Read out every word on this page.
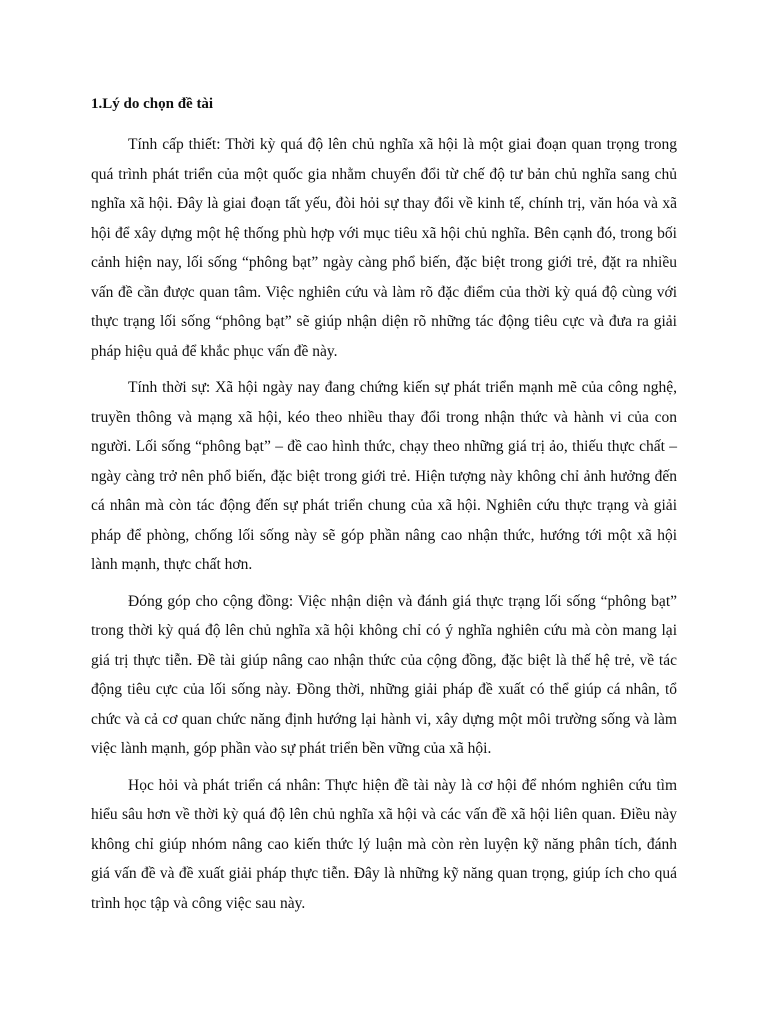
1.Lý do chọn đề tài

Tính cấp thiết: Thời kỳ quá độ lên chủ nghĩa xã hội là một giai đoạn quan trọng trong quá trình phát triển của một quốc gia nhằm chuyển đổi từ chế độ tư bản chủ nghĩa sang chủ nghĩa xã hội. Đây là giai đoạn tất yếu, đòi hỏi sự thay đổi về kinh tế, chính trị, văn hóa và xã hội để xây dựng một hệ thống phù hợp với mục tiêu xã hội chủ nghĩa. Bên cạnh đó, trong bối cảnh hiện nay, lối sống “phông bạt” ngày càng phổ biến, đặc biệt trong giới trẻ, đặt ra nhiều vấn đề cần được quan tâm. Việc nghiên cứu và làm rõ đặc điểm của thời kỳ quá độ cùng với thực trạng lối sống “phông bạt” sẽ giúp nhận diện rõ những tác động tiêu cực và đưa ra giải pháp hiệu quả để khắc phục vấn đề này.

Tính thời sự: Xã hội ngày nay đang chứng kiến sự phát triển mạnh mẽ của công nghệ, truyền thông và mạng xã hội, kéo theo nhiều thay đổi trong nhận thức và hành vi của con người. Lối sống “phông bạt” – đề cao hình thức, chạy theo những giá trị ảo, thiếu thực chất – ngày càng trở nên phổ biến, đặc biệt trong giới trẻ. Hiện tượng này không chỉ ảnh hưởng đến cá nhân mà còn tác động đến sự phát triển chung của xã hội. Nghiên cứu thực trạng và giải pháp để phòng, chống lối sống này sẽ góp phần nâng cao nhận thức, hướng tới một xã hội lành mạnh, thực chất hơn.

Đóng góp cho cộng đồng: Việc nhận diện và đánh giá thực trạng lối sống “phông bạt” trong thời kỳ quá độ lên chủ nghĩa xã hội không chỉ có ý nghĩa nghiên cứu mà còn mang lại giá trị thực tiễn. Đề tài giúp nâng cao nhận thức của cộng đồng, đặc biệt là thế hệ trẻ, về tác động tiêu cực của lối sống này. Đồng thời, những giải pháp đề xuất có thể giúp cá nhân, tổ chức và cả cơ quan chức năng định hướng lại hành vi, xây dựng một môi trường sống và làm việc lành mạnh, góp phần vào sự phát triển bền vững của xã hội.

Học hỏi và phát triển cá nhân: Thực hiện đề tài này là cơ hội để nhóm nghiên cứu tìm hiểu sâu hơn về thời kỳ quá độ lên chủ nghĩa xã hội và các vấn đề xã hội liên quan. Điều này không chỉ giúp nhóm nâng cao kiến thức lý luận mà còn rèn luyện kỹ năng phân tích, đánh giá vấn đề và đề xuất giải pháp thực tiễn. Đây là những kỹ năng quan trọng, giúp ích cho quá trình học tập và công việc sau này.
